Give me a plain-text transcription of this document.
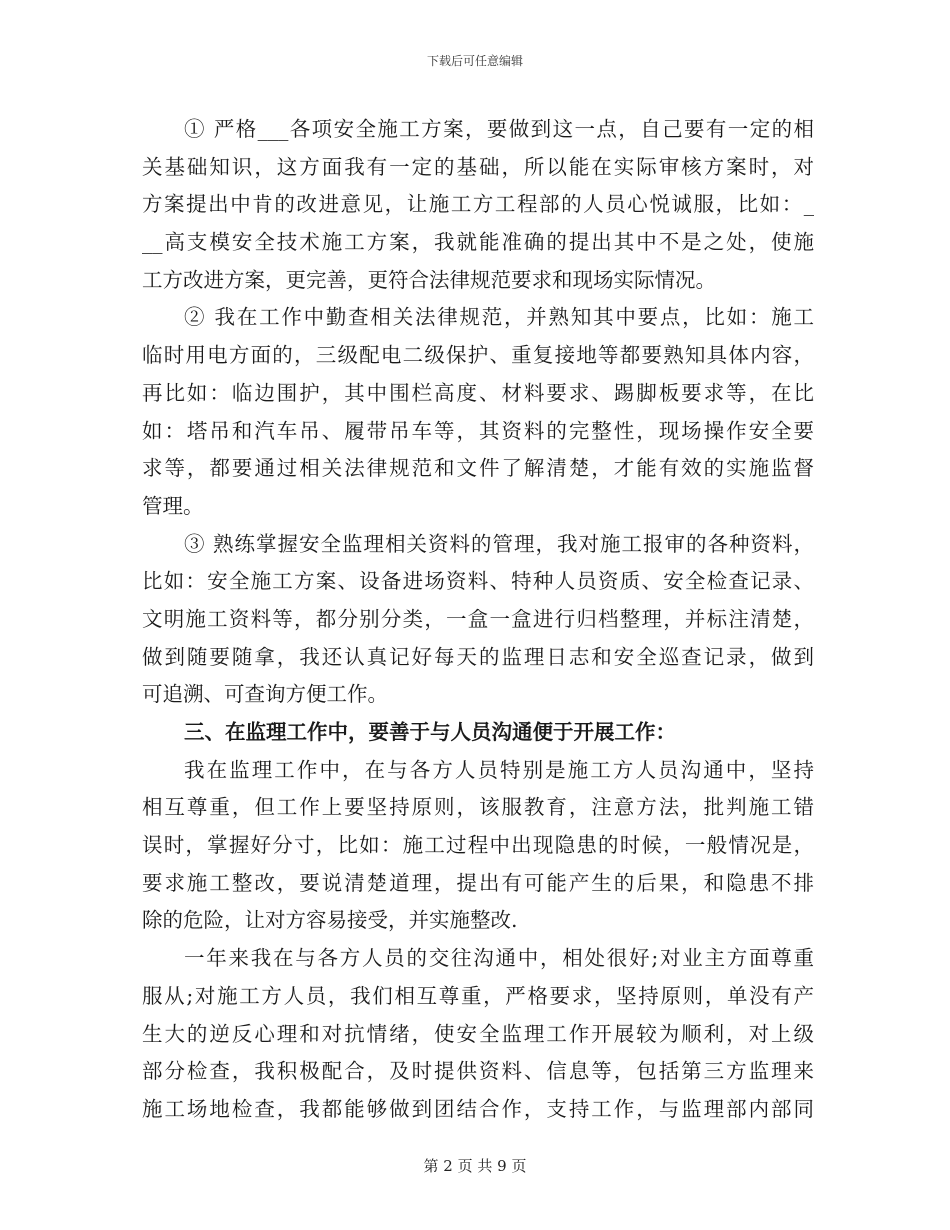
下载后可任意编辑
① 严格___各项安全施工方案，要做到这一点，自己要有一定的相
关基础知识，这方面我有一定的基础，所以能在实际审核方案时，对
方案提出中肯的改进意见，让施工方工程部的人员心悦诚服，比如：_
__高支模安全技术施工方案，我就能准确的提出其中不是之处，使施
工方改进方案，更完善，更符合法律规范要求和现场实际情况。
② 我在工作中勤查相关法律规范，并熟知其中要点，比如：施工
临时用电方面的，三级配电二级保护、重复接地等都要熟知具体内容，
再比如：临边围护，其中围栏高度、材料要求、踢脚板要求等，在比
如：塔吊和汽车吊、履带吊车等，其资料的完整性，现场操作安全要
求等，都要通过相关法律规范和文件了解清楚，才能有效的实施监督
管理。
③ 熟练掌握安全监理相关资料的管理，我对施工报审的各种资料，
比如：安全施工方案、设备进场资料、特种人员资质、安全检查记录、
文明施工资料等，都分别分类，一盒一盒进行归档整理，并标注清楚，
做到随要随拿，我还认真记好每天的监理日志和安全巡查记录，做到
可追溯、可查询方便工作。
三、在监理工作中，要善于与人员沟通便于开展工作：
我在监理工作中，在与各方人员特别是施工方人员沟通中，坚持
相互尊重，但工作上要坚持原则，该服教育，注意方法，批判施工错
误时，掌握好分寸，比如：施工过程中出现隐患的时候，一般情况是，
要求施工整改，要说清楚道理，提出有可能产生的后果，和隐患不排
除的危险，让对方容易接受，并实施整改.
一年来我在与各方人员的交往沟通中，相处很好;对业主方面尊重
服从;对施工方人员，我们相互尊重，严格要求，坚持原则，单没有产
生大的逆反心理和对抗情绪，使安全监理工作开展较为顺利，对上级
部分检查，我积极配合，及时提供资料、信息等，包括第三方监理来
施工场地检查，我都能够做到团结合作，支持工作，与监理部内部同
第 2 页 共 9 页
